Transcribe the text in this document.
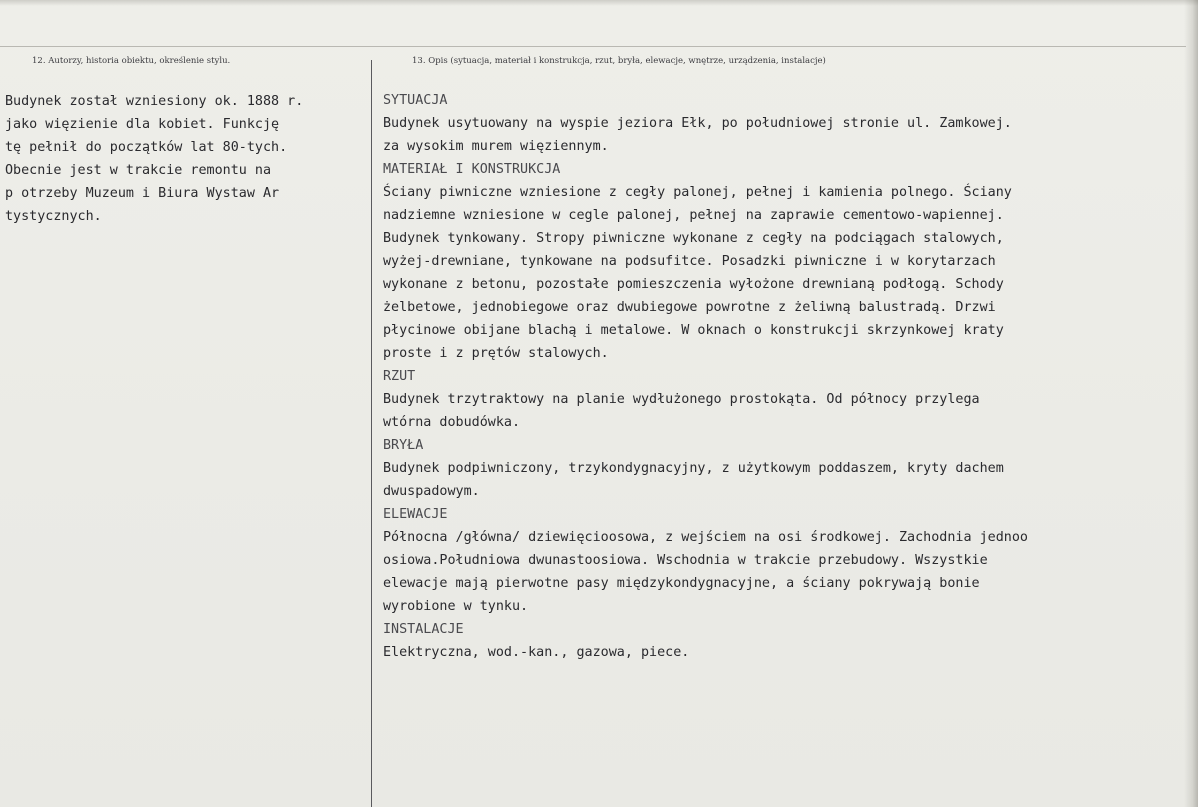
12. Autorzy, historia obiektu, określenie stylu.	13. Opis (sytuacja, materiał i konstrukcja, rzut, bryła, elewacje, wnętrze, urządzenia, instalacje)
Budynek został wzniesiony ok. 1888 r.
jako więzienie dla kobiet. Funkcję
tę pełnił do początków lat 80-tych.
Obecnie jest w trakcie remontu na
p otrzeby Muzeum i Biura Wystaw Ar
tystycznych.
SYTUACJA
Budynek usytuowany na wyspie jeziora Ełk, po południowej stronie ul. Zamkowej.
za wysokim murem więziennym.
MATERIAŁ I KONSTRUKCJA
Ściany piwniczne wzniesione z cegły palonej, pełnej i kamienia polnego. Ściany
nadziemne wzniesione w cegle palonej, pełnej na zaprawie cementowo-wapiennej.
Budynek tynkowany. Stropy piwniczne wykonane z cegły na podciągach stalowych,
wyżej-drewniane, tynkowane na podsufitce. Posadzki piwniczne i w korytarzach
wykonane z betonu, pozostałe pomieszczenia wyłożone drewnianą podłogą. Schody
żelbetowe, jednobiegowe oraz dwubiegowe powrotne z żeliwną balustradą. Drzwi
płycinowe obijane blachą i metalowe. W oknach o konstrukcji skrzynkowej kraty
proste i z prętów stalowych.
RZUT
Budynek trzytraktowy na planie wydłużonego prostokąta. Od północy przylega
wtórna dobudówka.
BRYŁA
Budynek podpiwniczony, trzykondygnacyjny, z użytkowym poddaszem, kryty dachem
dwuspadowym.
ELEWACJE
Północna /główna/ dziewięcioosowa, z wejściem na osi środkowej. Zachodnia jednoo
osiowa.Południowa dwunastoosiowa. Wschodnia w trakcie przebudowy. Wszystkie
elewacje mają pierwotne pasy międzykondygnacyjne, a ściany pokrywają bonie
wyrobione w tynku.
INSTALACJE
Elektryczna, wod.-kan., gazowa, piece.
